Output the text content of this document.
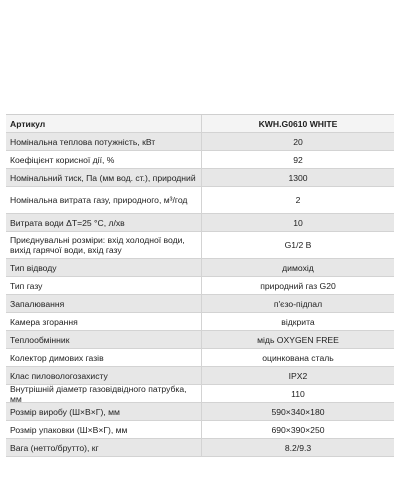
Артикул	KWH.G0610 WHITE
Номінальна теплова потужність, кВт	20
Коефіцієнт корисної дії, %	92
Номінальний тиск, Па (мм вод. ст.), природний	1300
Номінальна витрата газу, природного, м³/год	2
Витрата води ΔT=25 °C, л/хв	10
Приєднувальні розміри: вхід холодної води, вихід гарячої води, вхід газу	G1/2 B
Тип відводу	димохід
Тип газу	природний газ G20
Запалювання	п'єзо-підпал
Камера згорання	відкрита
Теплообмінник	мідь OXYGEN FREE
Колектор димових газів	оцинкована сталь
Клас пиловологозахисту	IPX2
Внутрішній діаметр газовідвідного патрубка, мм	110
Розмір виробу (Ш×В×Г), мм	590×340×180
Розмір упаковки (Ш×В×Г), мм	690×390×250
Вага (нетто/брутто), кг	8.2/9.3
